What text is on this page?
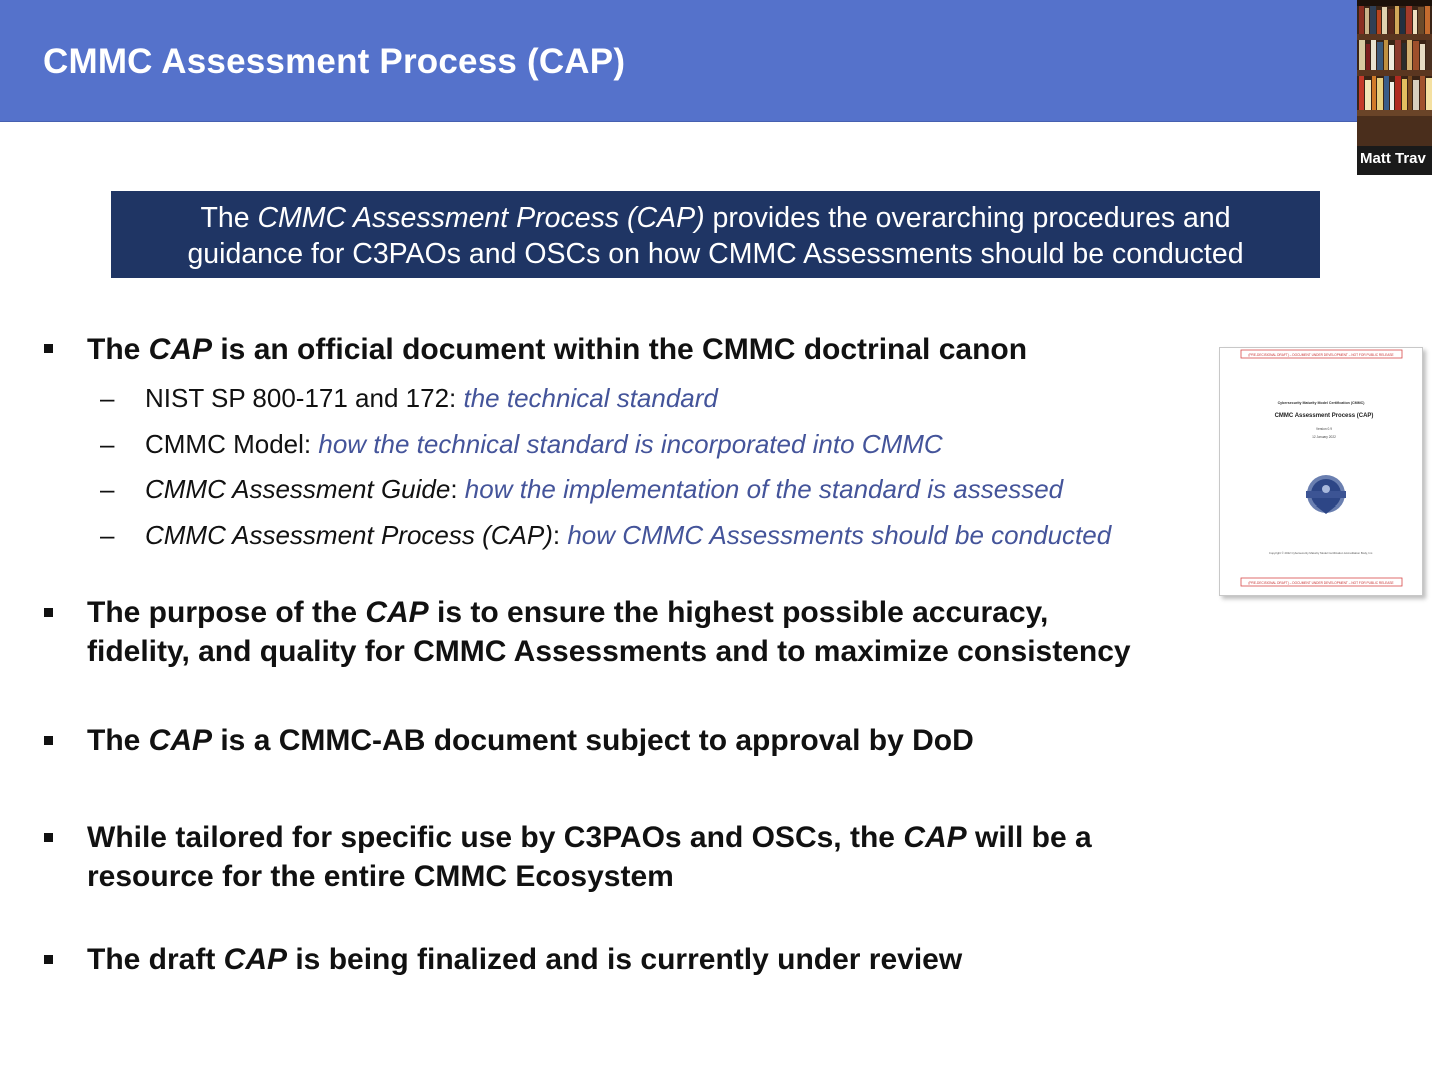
CMMC Assessment Process (CAP)
Matt Trav
The CMMC Assessment Process (CAP) provides the overarching procedures and
guidance for C3PAOs and OSCs on how CMMC Assessments should be conducted
The CAP is an official document within the CMMC doctrinal canon
– NIST SP 800-171 and 172: the technical standard
– CMMC Model: how the technical standard is incorporated into CMMC
– CMMC Assessment Guide: how the implementation of the standard is assessed
– CMMC Assessment Process (CAP): how CMMC Assessments should be conducted
The purpose of the CAP is to ensure the highest possible accuracy,
fidelity, and quality for CMMC Assessments and to maximize consistency
The CAP is a CMMC-AB document subject to approval by DoD
While tailored for specific use by C3PAOs and OSCs, the CAP will be a
resource for the entire CMMC Ecosystem
The draft CAP is being finalized and is currently under review
(PRE-DECISIONAL DRAFT) – DOCUMENT UNDER DEVELOPMENT – NOT FOR PUBLIC RELEASE
Cybersecurity Maturity Model Certification (CMMC)
CMMC Assessment Process (CAP)
Version 0.9
12 January 2022
Copyright © 2022 Cybersecurity Maturity Model Certification Accreditation Body, Inc.
(PRE-DECISIONAL DRAFT) – DOCUMENT UNDER DEVELOPMENT – NOT FOR PUBLIC RELEASE
